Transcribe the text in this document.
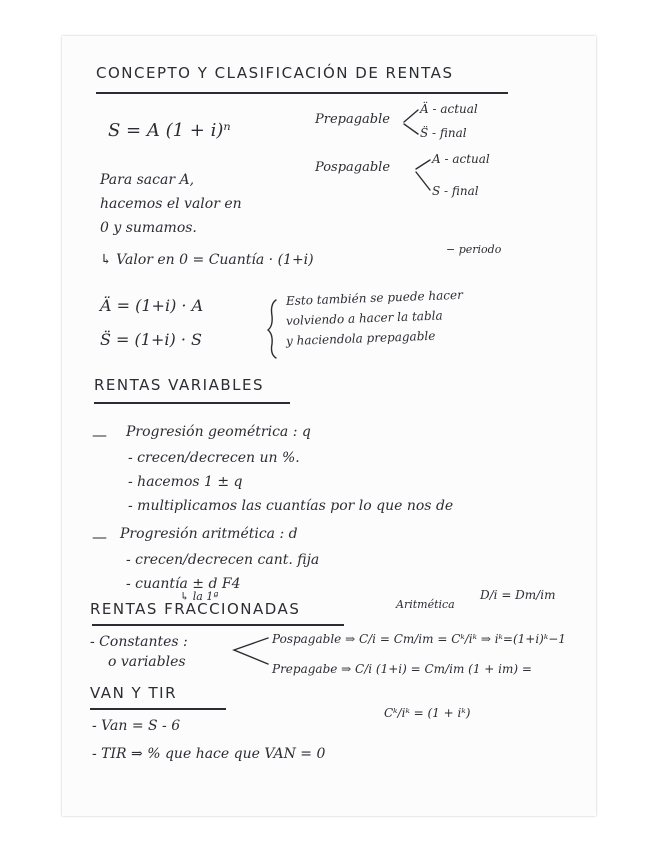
CONCEPTO Y CLASIFICACIÓN DE RENTAS
S = A (1 + i)ⁿ
Prepagable
Ä - actual
S̈ - final
Pospagable
A - actual
S - final
Para sacar A,
hacemos el valor en
0 y sumamos.
↳ Valor en 0 = Cuantía · (1+i)
− periodo
Ä = (1+i) · A
S̈ = (1+i) · S
Esto también se puede hacer
volviendo a hacer la tabla
y haciendola prepagable
RENTAS VARIABLES
— Progresión geométrica : q
- crecen/decrecen un %.
- hacemos 1 ± q
- multiplicamos las cuantías por lo que nos de
— Progresión aritmética : d
- crecen/decrecen cant. fija
- cuantía ± d F4
↳ la 1ª
RENTAS FRACCIONADAS	Aritmética
D/i = Dm/im
- Constantes :
o variables
Pospagable ⇒ C/i = Cm/im = Cᵏ/iᵏ ⇒ iᵏ=(1+i)ᵏ−1
Prepagabe ⇒ C/i (1+i) = Cm/im (1 + im) =
Cᵏ/iᵏ = (1 + iᵏ)
VAN Y TIR
- Van = S - 6
- TIR ⇒ % que hace que VAN = 0
